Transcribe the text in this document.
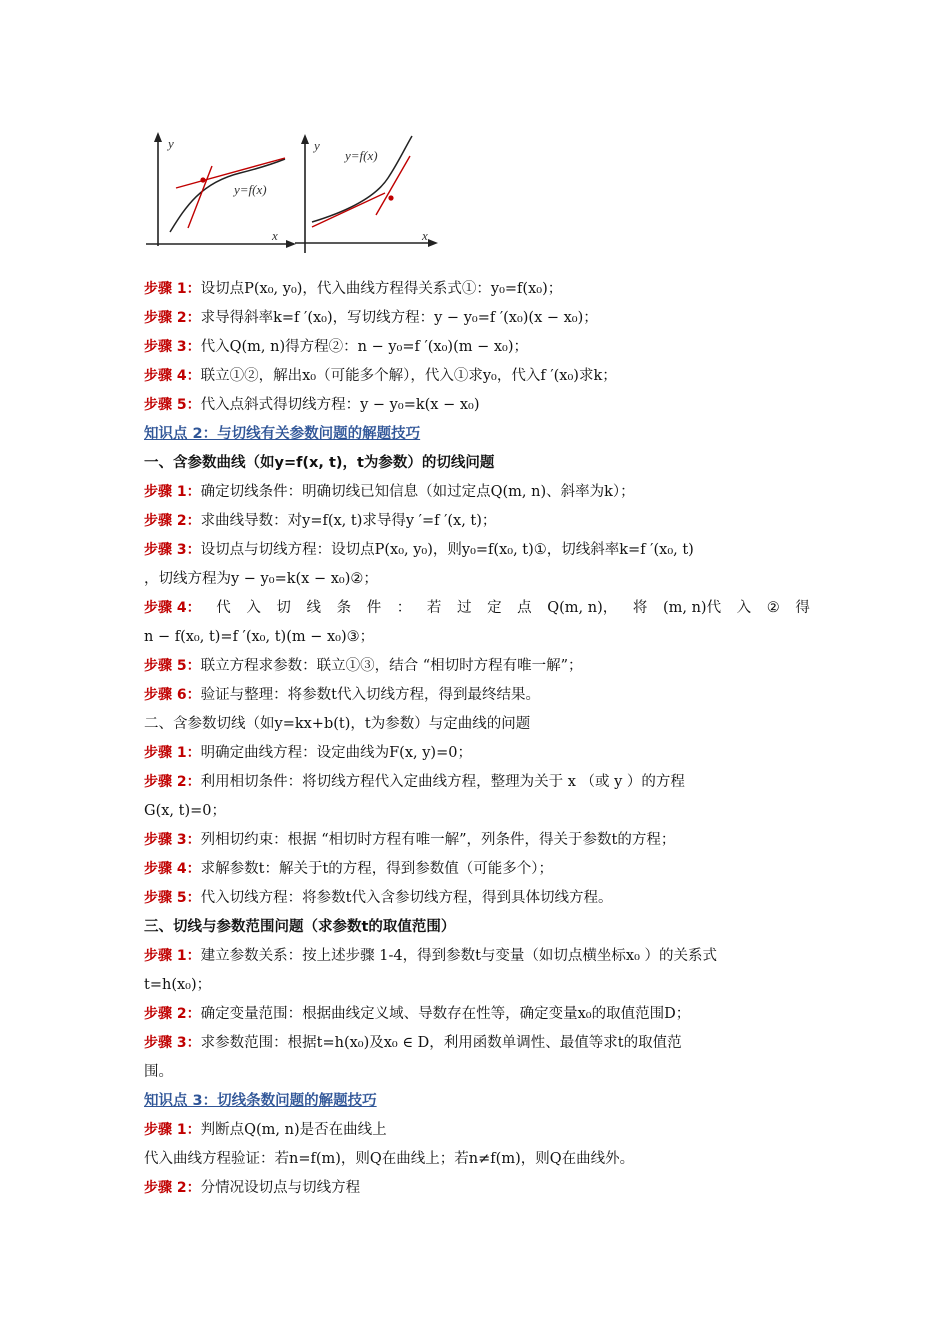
y
x
y=f(x)
y
x
y=f(x)
步骤 1：设切点P(x₀, y₀)，代入曲线方程得关系式①：y₀=f(x₀)；
步骤 2：求导得斜率k=f ′(x₀)，写切线方程：y − y₀=f ′(x₀)(x − x₀)；
步骤 3：代入Q(m, n)得方程②：n − y₀=f ′(x₀)(m − x₀)；
步骤 4：联立①②，解出x₀（可能多个解），代入①求y₀，代入f ′(x₀)求k；
步骤 5：代入点斜式得切线方程：y − y₀=k(x − x₀)
知识点 2：与切线有关参数问题的解题技巧
一、含参数曲线（如y=f(x, t)，t为参数）的切线问题
步骤 1：确定切线条件：明确切线已知信息（如过定点Q(m, n)、斜率为k）；
步骤 2：求曲线导数：对y=f(x, t)求导得y ′=f ′(x, t)；
步骤 3：设切点与切线方程：设切点P(x₀, y₀)，则y₀=f(x₀, t)①，切线斜率k=f ′(x₀, t)
，切线方程为y − y₀=k(x − x₀)②；
步骤 4： 代 入 切 线 条 件 ： 若 过 定 点 Q(m, n)， 将 (m, n)代 入 ② 得
n − f(x₀, t)=f ′(x₀, t)(m − x₀)③；
步骤 5：联立方程求参数：联立①③，结合 “相切时方程有唯一解”；
步骤 6：验证与整理：将参数t代入切线方程，得到最终结果。
二、含参数切线（如y=kx+b(t)，t为参数）与定曲线的问题
步骤 1：明确定曲线方程：设定曲线为F(x, y)=0；
步骤 2：利用相切条件：将切线方程代入定曲线方程，整理为关于 x （或 y ）的方程
G(x, t)=0；
步骤 3：列相切约束：根据 “相切时方程有唯一解”，列条件，得关于参数t的方程；
步骤 4：求解参数t：解关于t的方程，得到参数值（可能多个）；
步骤 5：代入切线方程：将参数t代入含参切线方程，得到具体切线方程。
三、切线与参数范围问题（求参数t的取值范围）
步骤 1：建立参数关系：按上述步骤 1-4，得到参数t与变量（如切点横坐标x₀ ）的关系式
t=h(x₀)；
步骤 2：确定变量范围：根据曲线定义域、导数存在性等，确定变量x₀的取值范围D；
步骤 3：求参数范围：根据t=h(x₀)及x₀ ∈ D，利用函数单调性、最值等求t的取值范
围。
知识点 3：切线条数问题的解题技巧
步骤 1：判断点Q(m, n)是否在曲线上
代入曲线方程验证：若n=f(m)，则Q在曲线上；若n≠f(m)，则Q在曲线外。
步骤 2：分情况设切点与切线方程
